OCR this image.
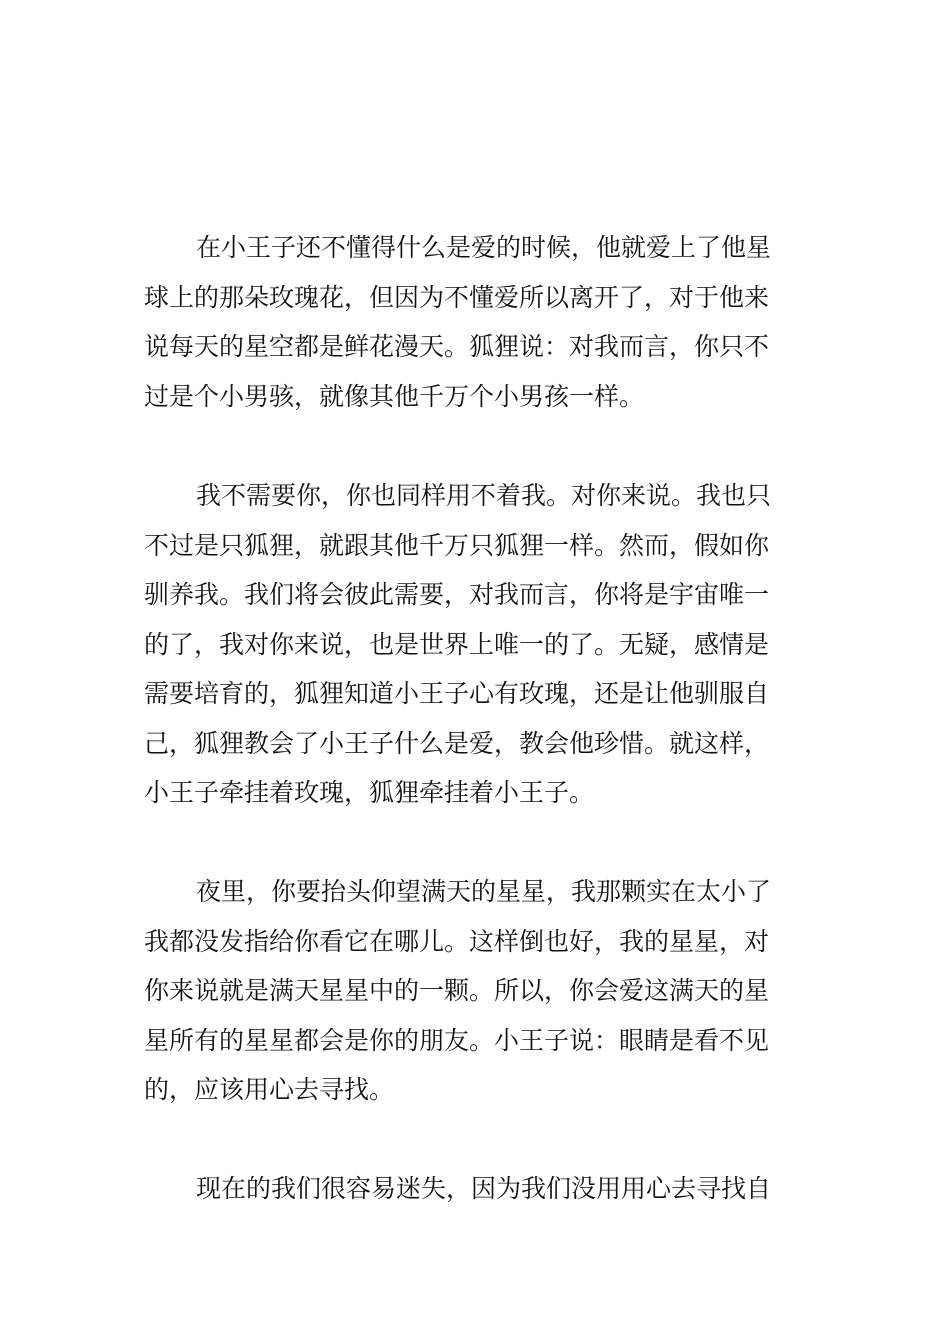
在小王子还不懂得什么是爱的时候，他就爱上了他星
球上的那朵玫瑰花，但因为不懂爱所以离开了，对于他来
说每天的星空都是鲜花漫天。狐狸说：对我而言，你只不
过是个小男骇，就像其他千万个小男孩一样。
我不需要你，你也同样用不着我。对你来说。我也只
不过是只狐狸，就跟其他千万只狐狸一样。然而，假如你
驯养我。我们将会彼此需要，对我而言，你将是宇宙唯一
的了，我对你来说，也是世界上唯一的了。无疑，感情是
需要培育的，狐狸知道小王子心有玫瑰，还是让他驯服自
己，狐狸教会了小王子什么是爱，教会他珍惜。就这样，
小王子牵挂着玫瑰，狐狸牵挂着小王子。
夜里，你要抬头仰望满天的星星，我那颗实在太小了
我都没发指给你看它在哪儿。这样倒也好，我的星星，对
你来说就是满天星星中的一颗。所以，你会爱这满天的星
星所有的星星都会是你的朋友。小王子说：眼睛是看不见
的，应该用心去寻找。
现在的我们很容易迷失，因为我们没用用心去寻找自
